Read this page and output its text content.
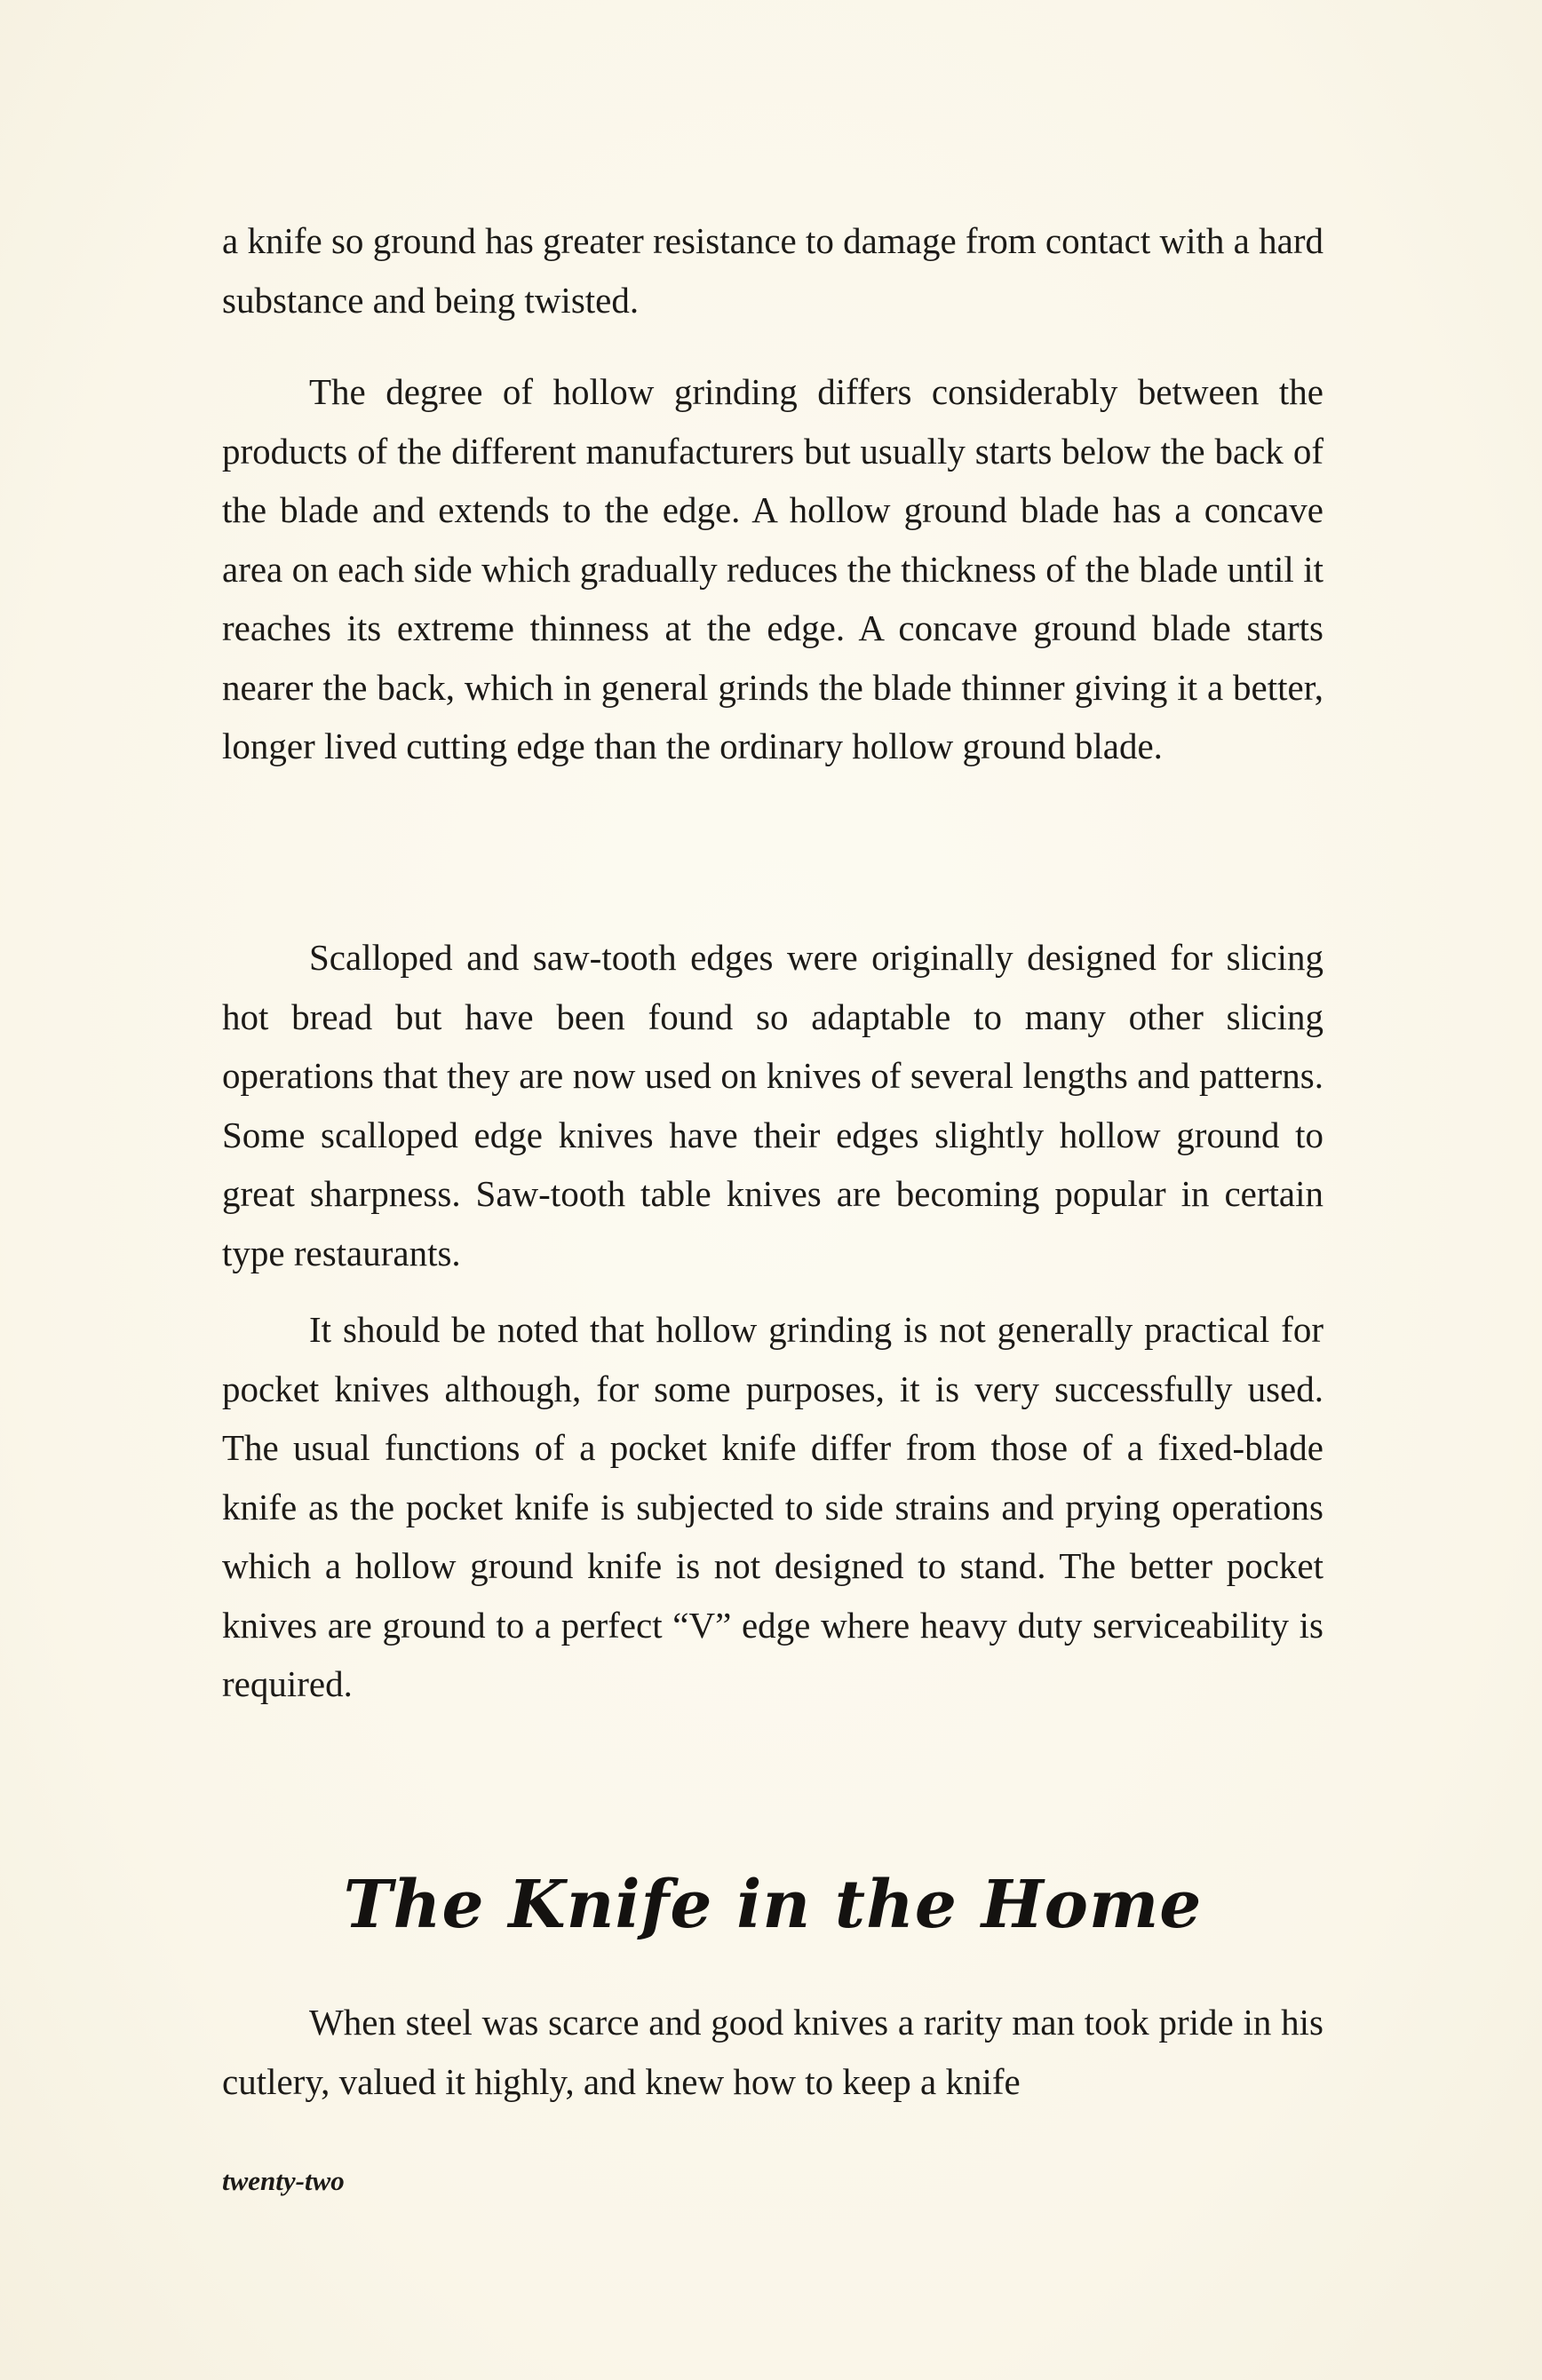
a knife so ground has greater resistance to damage from contact with a hard substance and being twisted.

The degree of hollow grinding differs considerably between the products of the different manufacturers but usually starts below the back of the blade and extends to the edge. A hollow ground blade has a concave area on each side which gradually reduces the thickness of the blade until it reaches its extreme thinness at the edge. A concave ground blade starts nearer the back, which in general grinds the blade thinner giving it a better, longer lived cutting edge than the ordinary hollow ground blade.

Scalloped and saw-tooth edges were originally designed for slicing hot bread but have been found so adaptable to many other slicing operations that they are now used on knives of several lengths and patterns. Some scalloped edge knives have their edges slightly hollow ground to great sharpness. Saw-tooth table knives are becoming popular in certain type restaurants.

It should be noted that hollow grinding is not generally practical for pocket knives although, for some purposes, it is very successfully used. The usual functions of a pocket knife differ from those of a fixed-blade knife as the pocket knife is subjected to side strains and prying operations which a hollow ground knife is not designed to stand. The better pocket knives are ground to a perfect “V” edge where heavy duty serviceability is required.

The Knife in the Home

When steel was scarce and good knives a rarity man took pride in his cutlery, valued it highly, and knew how to keep a knife

twenty-two
